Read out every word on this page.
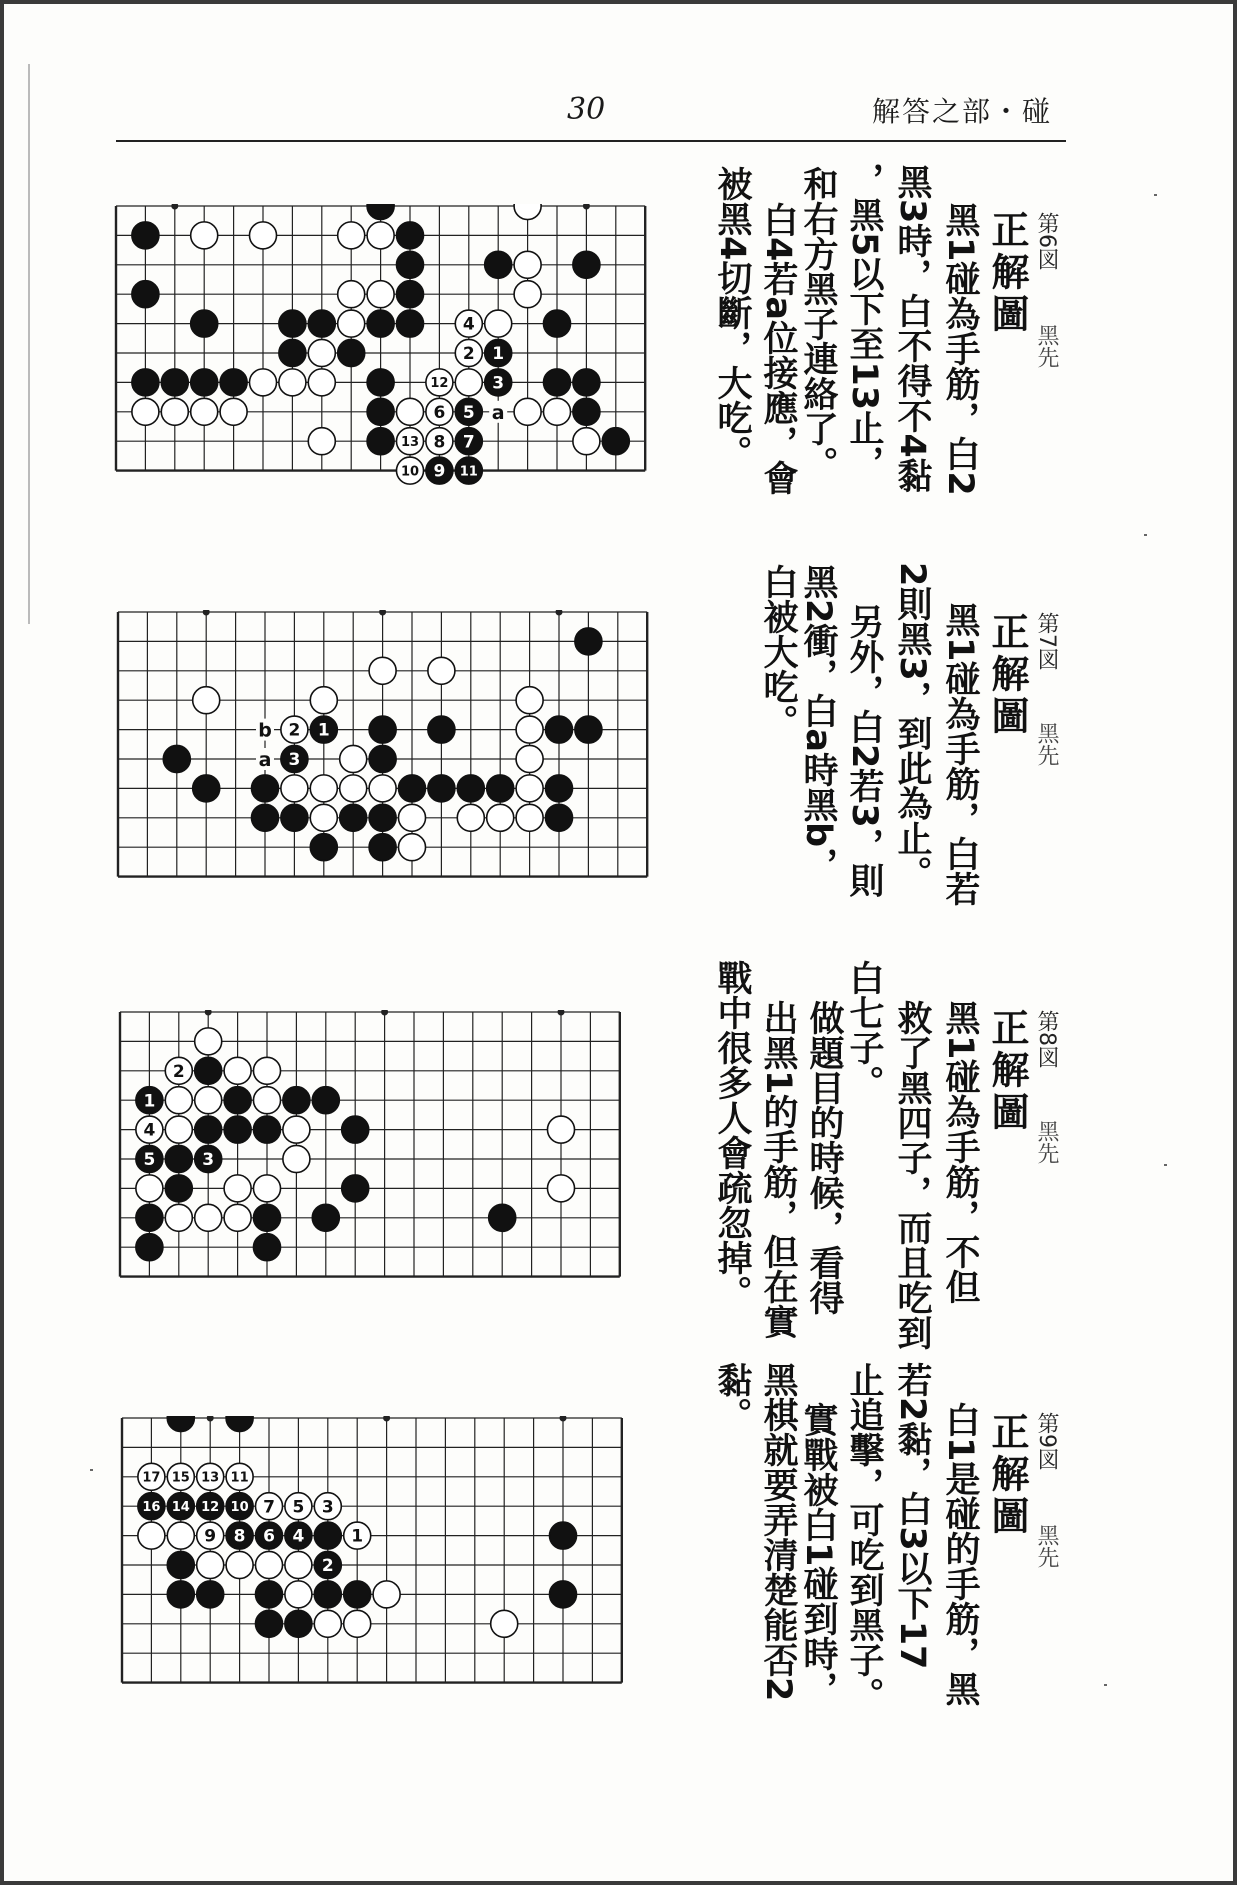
30	解答之部・碰
4
2 1
12	3
6 5 a
13 8 7
10 9 11
第6図
黑先
正解圖
黑1碰為手筋，白2
黑3時，白不得不4黏
，黑5以下至13止，
和右方黑子連絡了。
白4若a位接應，會
被黑4切斷，大吃。
b 2 1
a 3
第7図
黑先
正解圖
黑1碰為手筋，白若
2則黑3，到此為止。
另外，白2若3，則
黑2衝，白a時黑b，
白被大吃。
2
1
4
5	3
第8図
黑先
正解圖
黑1碰為手筋，不但
救了黑四子，而且吃到
白七子。
做題目的時候，看得
出黑1的手筋，但在實
戰中很多人會疏忽掉。
17 15 13 11
16 14 12 10 7 5 3
9 8 6 4	1
2
第9図
黑先
正解圖
白1是碰的手筋，黑
若2黏，白3以下17
止追擊，可吃到黑子。
實戰被白1碰到時，
黑棋就要弄清楚能否2
黏。
